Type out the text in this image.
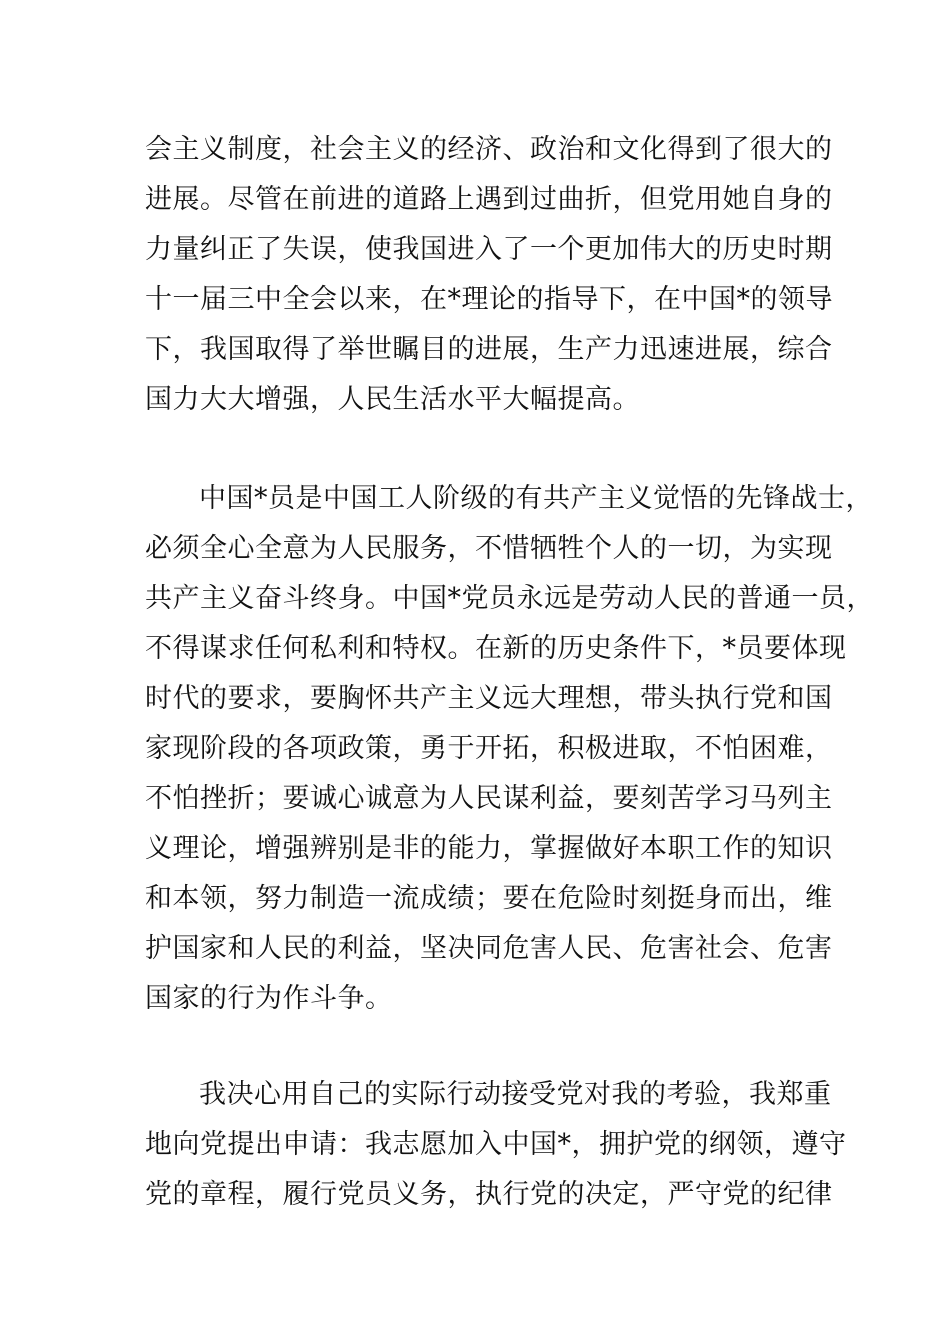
会主义制度，社会主义的经济、政治和文化得到了很大的
进展。尽管在前进的道路上遇到过曲折，但党用她自身的
力量纠正了失误，使我国进入了一个更加伟大的历史时期
十一届三中全会以来，在*理论的指导下，在中国*的领导
下，我国取得了举世瞩目的进展，生产力迅速进展，综合
国力大大增强，人民生活水平大幅提高。
中国*员是中国工人阶级的有共产主义觉悟的先锋战士，
必须全心全意为人民服务，不惜牺牲个人的一切，为实现
共产主义奋斗终身。中国*党员永远是劳动人民的普通一员，
不得谋求任何私利和特权。在新的历史条件下，*员要体现
时代的要求，要胸怀共产主义远大理想，带头执行党和国
家现阶段的各项政策，勇于开拓，积极进取，不怕困难，
不怕挫折；要诚心诚意为人民谋利益，要刻苦学习马列主
义理论，增强辨别是非的能力，掌握做好本职工作的知识
和本领，努力制造一流成绩；要在危险时刻挺身而出，维
护国家和人民的利益，坚决同危害人民、危害社会、危害
国家的行为作斗争。
我决心用自己的实际行动接受党对我的考验，我郑重
地向党提出申请：我志愿加入中国*，拥护党的纲领，遵守
党的章程，履行党员义务，执行党的决定，严守党的纪律
